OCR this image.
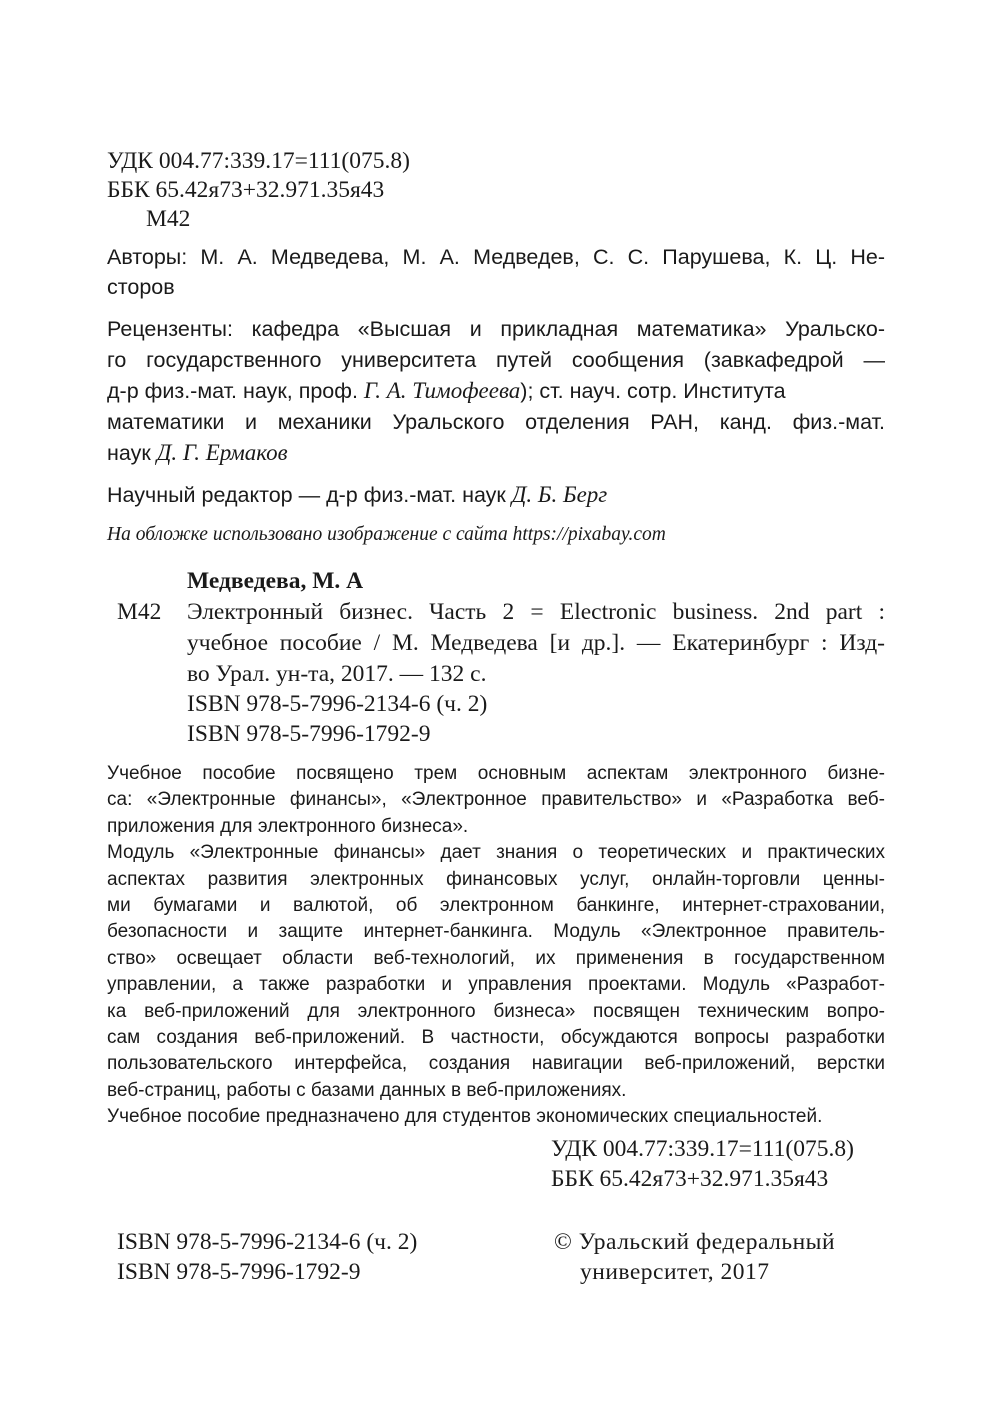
УДК 004.77:339.17=111(075.8)
ББК 65.42я73+32.971.35я43
М42
Авторы: М. А. Медведева, М. А. Медведев, С. С. Парушева, К. Ц. Не-
сторов
Рецензенты: кафедра «Высшая и прикладная математика» Уральско-
го государственного университета путей сообщения (завкафедрой —
д-р физ.-мат. наук, проф. Г. А. Тимофеева); ст. науч. сотр. Института
математики и механики Уральского отделения РАН, канд. физ.-мат.
наук Д. Г. Ермаков
Научный редактор — д-р физ.-мат. наук Д. Б. Берг
На обложке использовано изображение с сайта https://pixabay.com
Медведева, М. А
М42 Электронный бизнес. Часть 2 = Electronic business. 2nd part :
учебное пособие / М. Медведева [и др.]. — Екатеринбург : Изд-
во Урал. ун-та, 2017. — 132 с.
ISBN 978-5-7996-2134-6 (ч. 2)
ISBN 978-5-7996-1792-9
Учебное пособие посвящено трем основным аспектам электронного бизне-
са: «Электронные финансы», «Электронное правительство» и «Разработка веб-
приложения для электронного бизнеса».
Модуль «Электронные финансы» дает знания о теоретических и практических
аспектах развития электронных финансовых услуг, онлайн-торговли ценны-
ми бумагами и валютой, об электронном банкинге, интернет-страховании,
безопасности и защите интернет-банкинга. Модуль «Электронное правитель-
ство» освещает области веб-технологий, их применения в государственном
управлении, а также разработки и управления проектами. Модуль «Разработ-
ка веб-приложений для электронного бизнеса» посвящен техническим вопро-
сам создания веб-приложений. В частности, обсуждаются вопросы разработки
пользовательского интерфейса, создания навигации веб-приложений, верстки
веб-страниц, работы с базами данных в веб-приложениях.
Учебное пособие предназначено для студентов экономических специальностей.
УДК 004.77:339.17=111(075.8)
ББК 65.42я73+32.971.35я43
ISBN 978-5-7996-2134-6 (ч. 2)
ISBN 978-5-7996-1792-9
© Уральский федеральный
университет, 2017
